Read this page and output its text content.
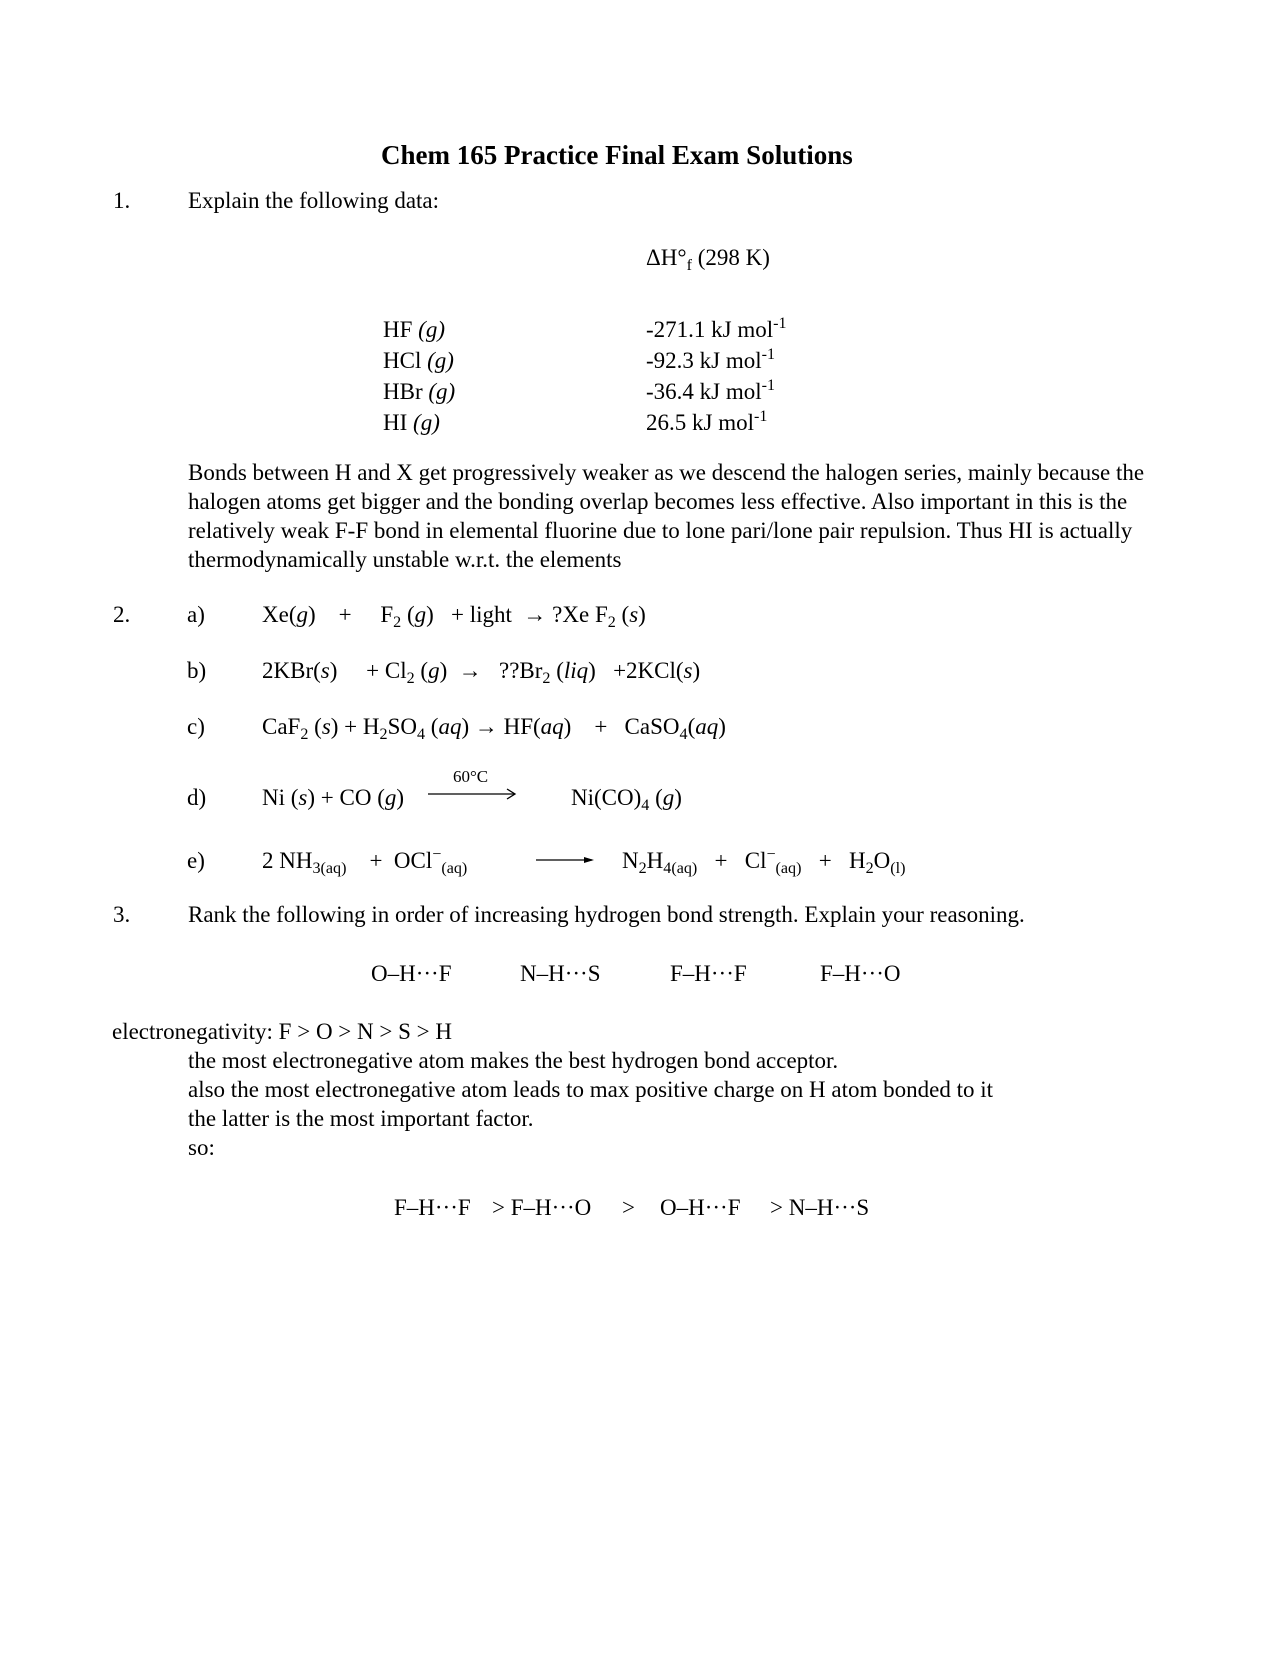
Chem 165 Practice Final Exam Solutions
1.	Explain the following data:
$\Delta H^\circ_f$ (298 K)
HF (g)	-271.1 kJ mol$^{-1}$
HCl (g)	-92.3 kJ mol$^{-1}$
HBr (g)	-36.4 kJ mol$^{-1}$
HI (g)	26.5 kJ mol$^{-1}$
Bonds between H and X get progressively weaker as we descend the halogen series, mainly because the halogen atoms get bigger and the bonding overlap becomes less effective. Also important in this is the relatively weak F-F bond in elemental fluorine due to lone pari/lone pair repulsion. Thus HI is actually thermodynamically unstable w.r.t. the elements
2. a) Xe(g)    +     $F_2$ (g)   + light  → ?Xe $F_2$ (s)
b) 2KBr(s)     + $Cl_2$ $(g) \to ??Br_2$ (liq)   +2KCl(s)
c) CaF$_2$ $(s) + H_2SO_4$ (aq) → HF(aq)    +   CaSO$_4$(aq)
d) Ni (s) + CO (g)
60°C
$Ni(CO)_4$ (g)
e) 2 $NH_{3(aq)}$    +  OCl−$_{(aq)}$	$N_2H_{4(aq)} + Cl^-_{(aq)} + H_2O_{(l)}$
3.	Rank the following in order of increasing hydrogen bond strength. Explain your reasoning.
O–H···F	N–H···S	F–H···F	F–H···O
electronegativity: F > O > N > S > H
the most electronegative atom makes the best hydrogen bond acceptor.
also the most electronegative atom leads to max positive charge on H atom bonded to it
the latter is the most important factor.
so:
F–H···F > F–H···O > O–H···F > N–H···S
